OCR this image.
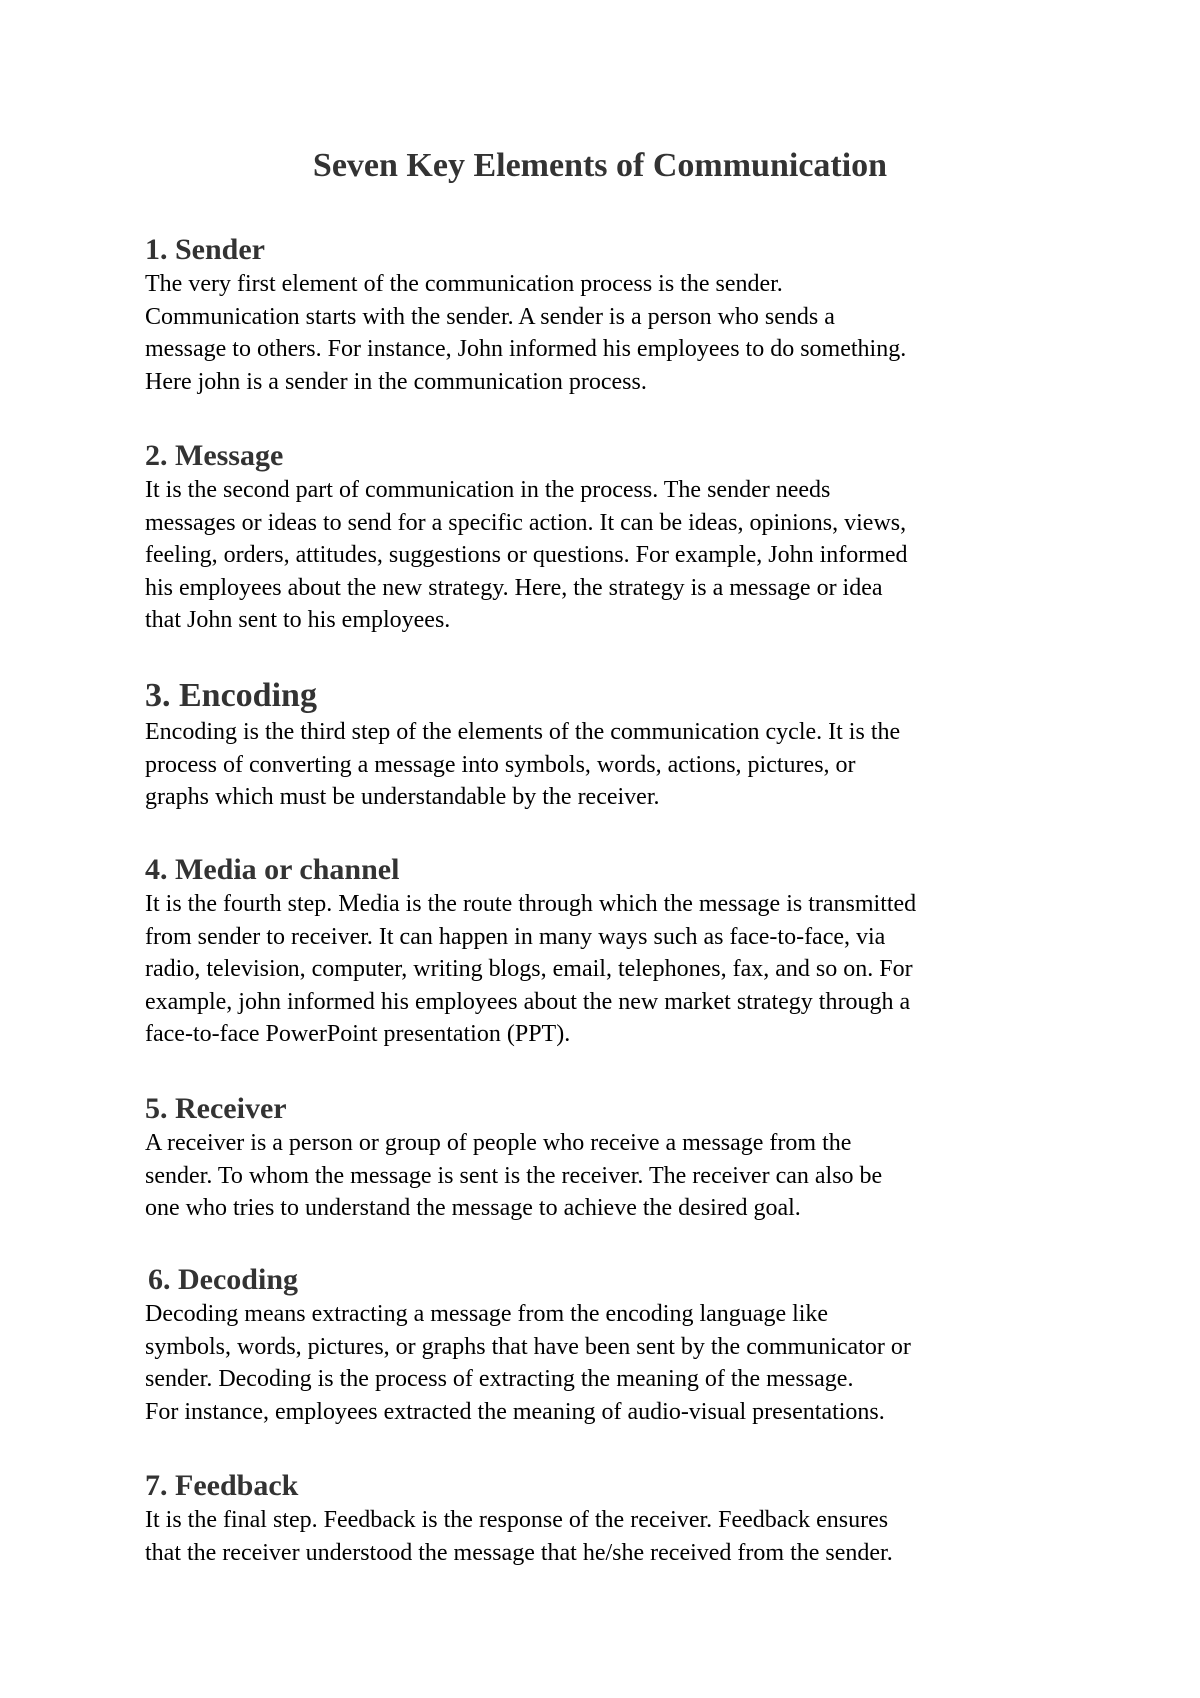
Seven Key Elements of Communication
1. Sender

The very first element of the communication process is the sender.
Communication starts with the sender. A sender is a person who sends a
message to others. For instance, John informed his employees to do something.
Here john is a sender in the communication process.

2. Message

It is the second part of communication in the process. The sender needs
messages or ideas to send for a specific action. It can be ideas, opinions, views,
feeling, orders, attitudes, suggestions or questions. For example, John informed
his employees about the new strategy. Here, the strategy is a message or idea
that John sent to his employees.

3. Encoding

Encoding is the third step of the elements of the communication cycle. It is the
process of converting a message into symbols, words, actions, pictures, or
graphs which must be understandable by the receiver.

4. Media or channel

It is the fourth step. Media is the route through which the message is transmitted
from sender to receiver. It can happen in many ways such as face-to-face, via
radio, television, computer, writing blogs, email, telephones, fax, and so on. For
example, john informed his employees about the new market strategy through a
face-to-face PowerPoint presentation (PPT).

5. Receiver

A receiver is a person or group of people who receive a message from the
sender. To whom the message is sent is the receiver. The receiver can also be
one who tries to understand the message to achieve the desired goal.

6. Decoding

Decoding means extracting a message from the encoding language like
symbols, words, pictures, or graphs that have been sent by the communicator or
sender. Decoding is the process of extracting the meaning of the message.
For instance, employees extracted the meaning of audio-visual presentations.

7. Feedback

It is the final step. Feedback is the response of the receiver. Feedback ensures
that the receiver understood the message that he/she received from the sender.
